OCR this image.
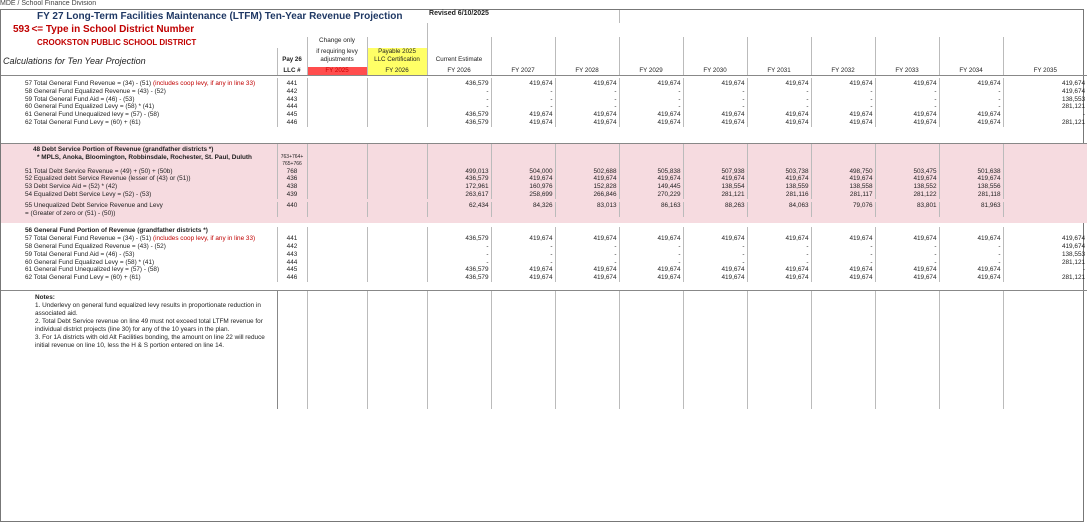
MDE / School Finance Division
FY 27 Long-Term Facilities Maintenance (LTFM) Ten-Year Revenue Projection				Revised 6/10/2025									
593 <= Type in School District Number													
CROOKSTON PUBLIC SCHOOL DISTRICT		Change only											

		if requiring levy	Payable 2025										
Calculations for Ten Year Projection	Pay 26	adjustments	LLC Certification	Current Estimate									
	LLC #	FY 2025	FY 2026	FY 2026	FY 2027	FY 2028	FY 2029	FY 2030	FY 2031	FY 2032	FY 2033	FY 2034	FY 2035

57 Total General Fund Revenue = (34) - (51) (includes coop levy, if any in line 33)	441			436,579	419,674	419,674	419,674	419,674	419,674	419,674	419,674	419,674	419,674
58 General Fund Equalized Revenue = (43) - (52)	442			-	-	-	-	-	-	-	-	-	419,674
59 Total General Fund Aid = (46) - (53)	443			-	-	-	-	-	-	-	-	-	138,553
60 General Fund Equalized Levy = (58) * (41)	444			-	-	-	-	-	-	-	-	-	281,121
61 General Fund Unequalized levy = (57) - (58)	445			436,579	419,674	419,674	419,674	419,674	419,674	419,674	419,674	419,674	-
62 Total General Fund Levy = (60) + (61)	446			436,579	419,674	419,674	419,674	419,674	419,674	419,674	419,674	419,674	281,121

48 Debt Service Portion of Revenue (grandfather districts *)													
* MPLS, Anoka, Bloomington, Robbinsdale, Rochester, St. Paul, Duluth	763+764+
765+766												

51 Total Debt Service Revenue = (49) + (50) + (50b)	768			499,013	504,000	502,688	505,838	507,938	503,738	498,750	503,475	501,638	
52 Equalized debt Service Revenue (lesser of (43) or (51))	436			436,579	419,674	419,674	419,674	419,674	419,674	419,674	419,674	419,674	
53 Debt Service Aid = (52) * (42)	438			172,961	160,976	152,828	149,445	138,554	138,559	138,558	138,552	138,556	
54 Equalized Debt Service Levy = (52) - (53)	439			263,617	258,699	266,846	270,229	281,121	281,116	281,117	281,122	281,118	

55 Unequalized Debt Service Revenue and Levy
= (Greater of zero or (51) - (50))	440			62,434	84,326	83,013	86,163	88,263	84,063	79,076	83,801	81,963	

56 General Fund Portion of Revenue (grandfather districts *)													
57 Total General Fund Revenue = (34) - (51) (includes coop levy, if any in line 33)	441			436,579	419,674	419,674	419,674	419,674	419,674	419,674	419,674	419,674	419,674
58 General Fund Equalized Revenue = (43) - (52)	442			-	-	-	-	-	-	-	-	-	419,674
59 Total General Fund Aid = (46) - (53)	443			-	-	-	-	-	-	-	-	-	138,553
60 General Fund Equalized Levy = (58) * (41)	444			-	-	-	-	-	-	-	-	-	281,121
61 General Fund Unequalized levy = (57) - (58)	445			436,579	419,674	419,674	419,674	419,674	419,674	419,674	419,674	419,674	-
62 Total General Fund Levy = (60) + (61)	446			436,579	419,674	419,674	419,674	419,674	419,674	419,674	419,674	419,674	281,121

Notes:
1. Underlevy on general fund equalized levy results in proportionate reduction in associated aid.
2. Total Debt Service revenue on line 49 must not exceed total LTFM revenue for individual district projects (line 30) for any of the 10 years in the plan.
3. For 1A districts with old Alt Facilities bonding, the amount on line 22 will reduce initial revenue on line 10, less the H & S portion entered on line 14.													
